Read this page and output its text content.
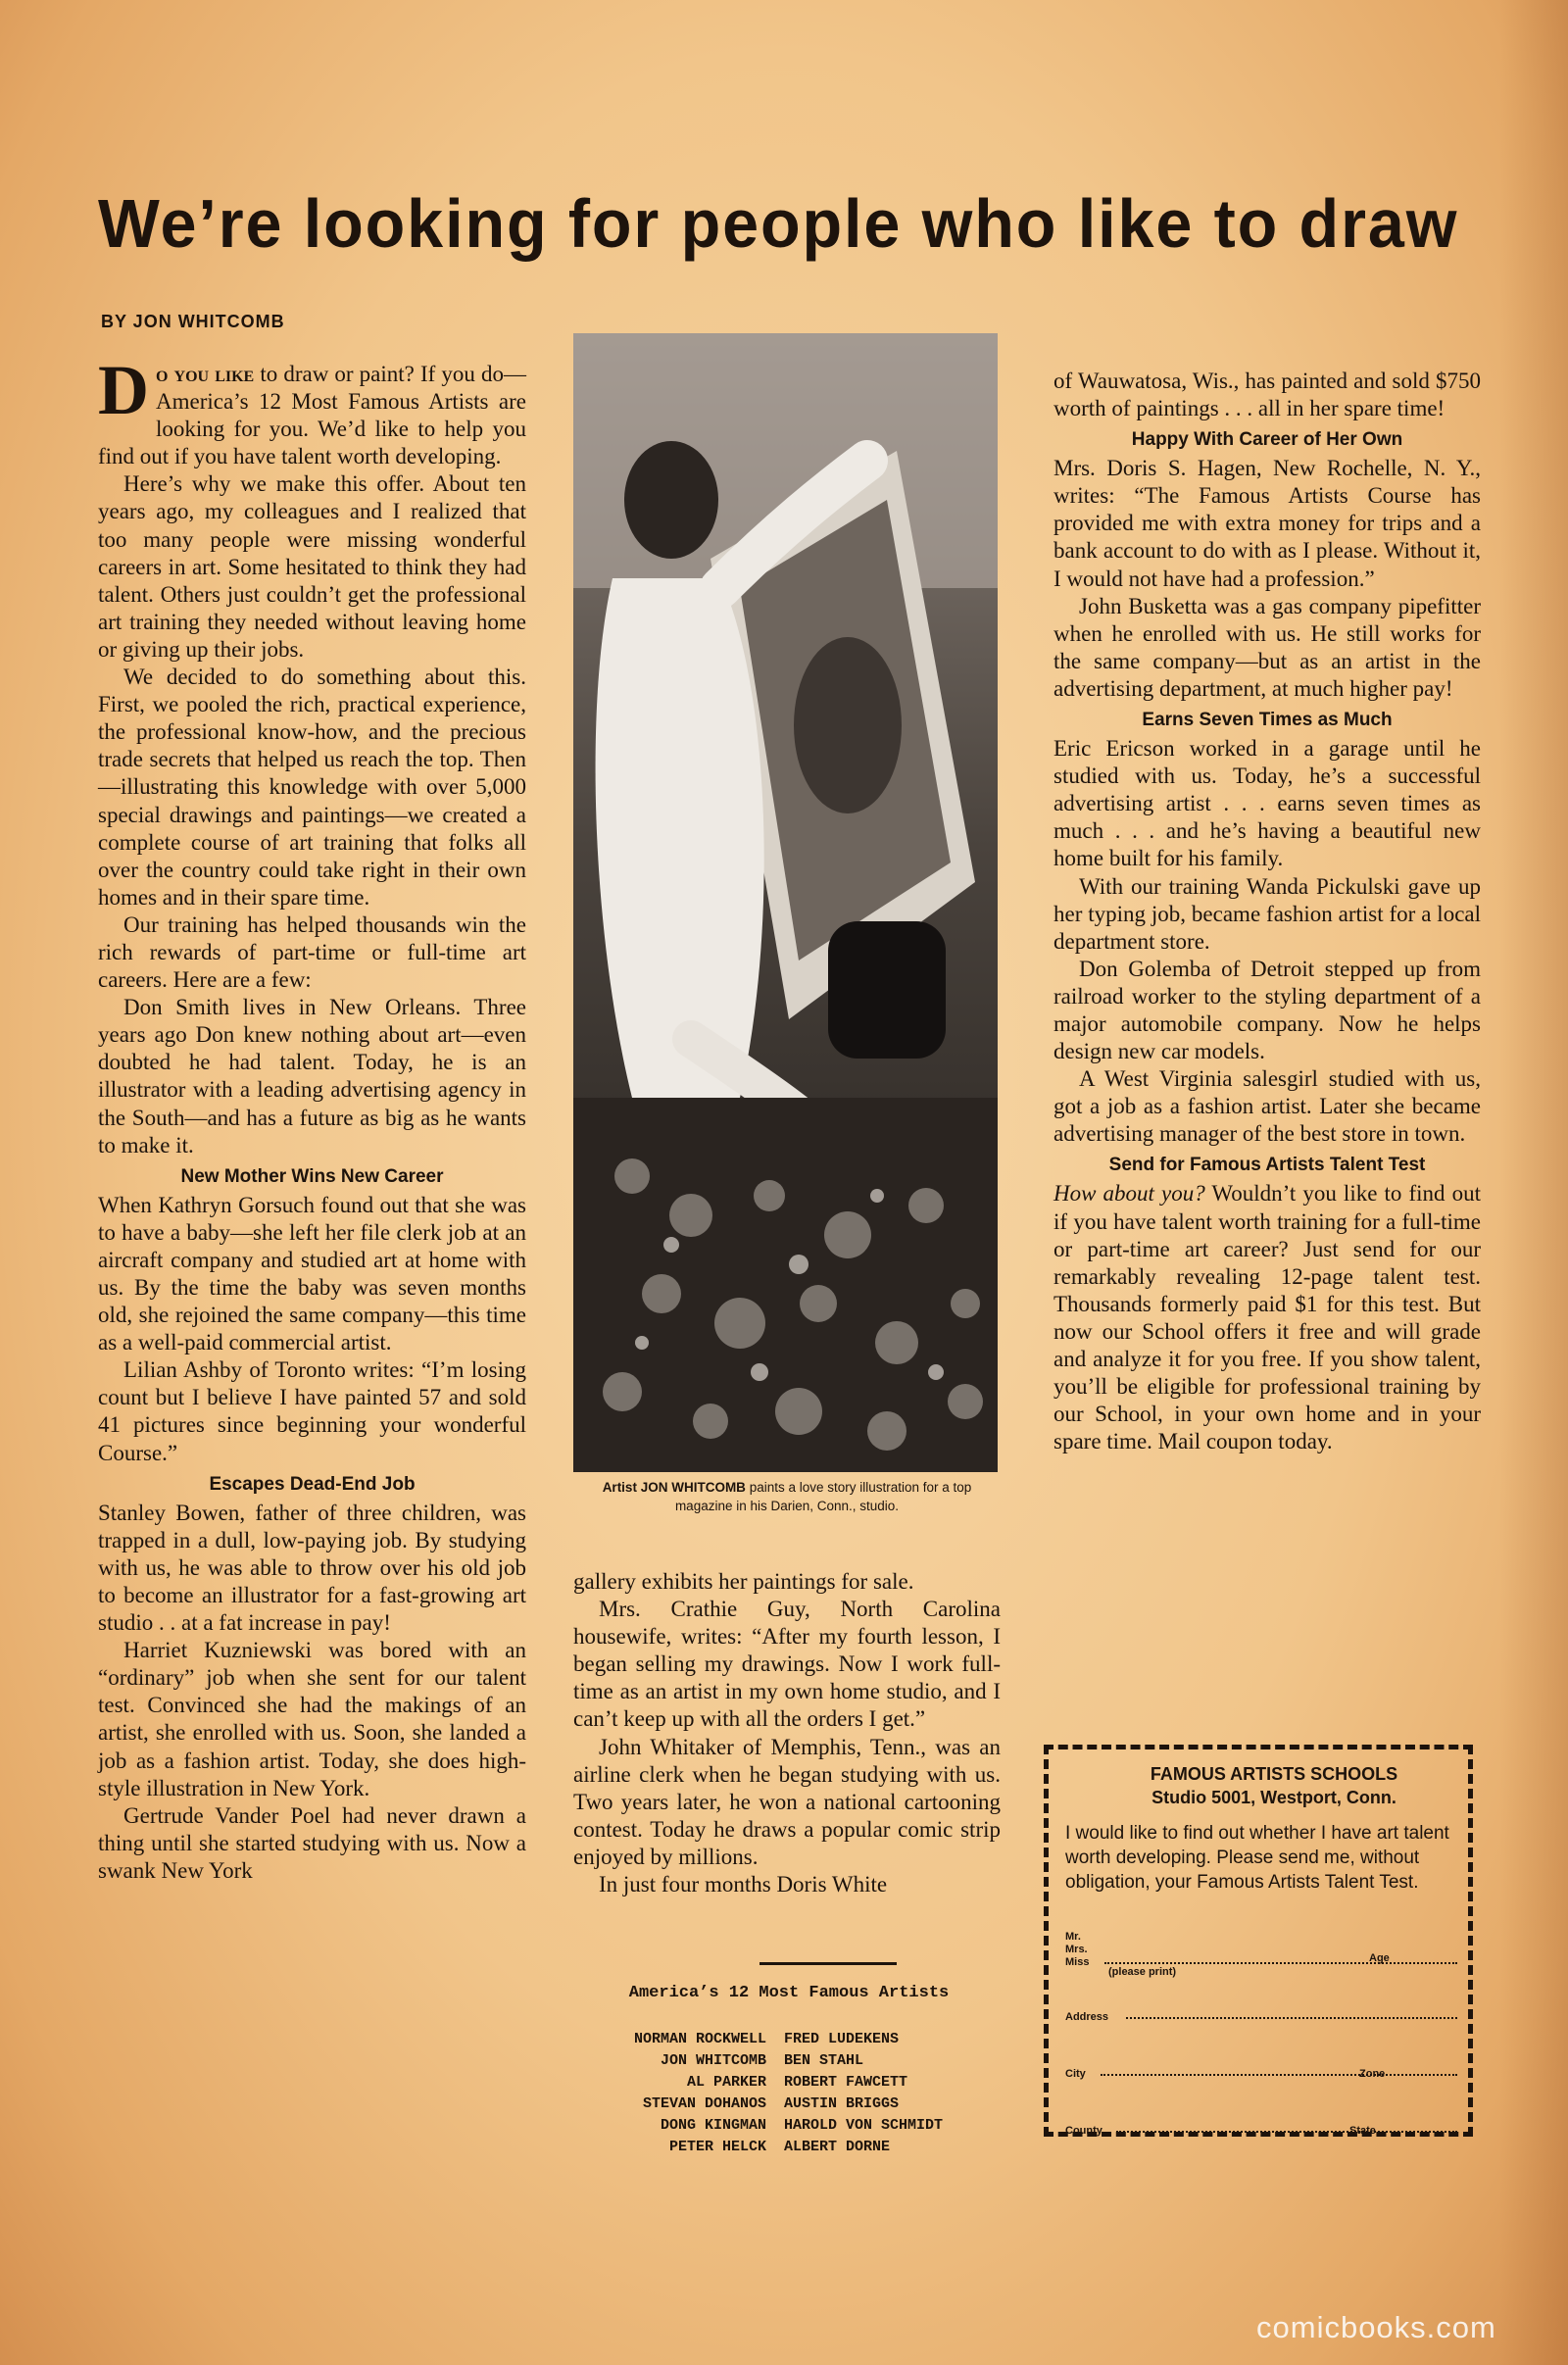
We’re looking for people who like to draw
BY JON WHITCOMB

Do you like to draw or paint? If you do—America’s 12 Most Famous Artists are looking for you. We’d like to help you find out if you have talent worth developing.

Here’s why we make this offer. About ten years ago, my colleagues and I realized that too many people were missing wonderful careers in art. Some hesitated to think they had talent. Others just couldn’t get the professional art training they needed without leaving home or giving up their jobs.

We decided to do something about this. First, we pooled the rich, practical experience, the professional know-how, and the precious trade secrets that helped us reach the top. Then—illustrating this knowledge with over 5,000 special drawings and paintings—we created a complete course of art training that folks all over the country could take right in their own homes and in their spare time.

Our training has helped thousands win the rich rewards of part-time or full-time art careers. Here are a few:

Don Smith lives in New Orleans. Three years ago Don knew nothing about art—even doubted he had talent. Today, he is an illustrator with a leading advertising agency in the South—and has a future as big as he wants to make it.

New Mother Wins New Career

When Kathryn Gorsuch found out that she was to have a baby—she left her file clerk job at an aircraft company and studied art at home with us. By the time the baby was seven months old, she rejoined the same company—this time as a well-paid commercial artist.

Lilian Ashby of Toronto writes: “I’m losing count but I believe I have painted 57 and sold 41 pictures since beginning your wonderful Course.”

Escapes Dead-End Job

Stanley Bowen, father of three children, was trapped in a dull, low-paying job. By studying with us, he was able to throw over his old job to become an illustrator for a fast-growing art studio . . at a fat increase in pay!

Harriet Kuzniewski was bored with an “ordinary” job when she sent for our talent test. Convinced she had the makings of an artist, she enrolled with us. Soon, she landed a job as a fashion artist. Today, she does high-style illustration in New York.

Gertrude Vander Poel had never drawn a thing until she started studying with us. Now a swank New York

Artist JON WHITCOMB paints a love story illustration for a top magazine in his Darien, Conn., studio.

gallery exhibits her paintings for sale.

Mrs. Crathie Guy, North Carolina housewife, writes: “After my fourth lesson, I began selling my drawings. Now I work full-time as an artist in my own home studio, and I can’t keep up with all the orders I get.”

John Whitaker of Memphis, Tenn., was an airline clerk when he began studying with us. Two years later, he won a national cartooning contest. Today he draws a popular comic strip enjoyed by millions.

In just four months Doris White

America’s 12 Most Famous Artists
NORMAN ROCKWELL
JON WHITCOMB
AL PARKER
STEVAN DOHANOS
DONG KINGMAN
PETER HELCK
FRED LUDEKENS
BEN STAHL
ROBERT FAWCETT
AUSTIN BRIGGS
HAROLD VON SCHMIDT
ALBERT DORNE

of Wauwatosa, Wis., has painted and sold $750 worth of paintings . . . all in her spare time!

Happy With Career of Her Own

Mrs. Doris S. Hagen, New Rochelle, N. Y., writes: “The Famous Artists Course has provided me with extra money for trips and a bank account to do with as I please. Without it, I would not have had a profession.”

John Busketta was a gas company pipefitter when he enrolled with us. He still works for the same company—but as an artist in the advertising department, at much higher pay!

Earns Seven Times as Much

Eric Ericson worked in a garage until he studied with us. Today, he’s a successful advertising artist . . . earns seven times as much . . . and he’s having a beautiful new home built for his family.

With our training Wanda Pickulski gave up her typing job, became fashion artist for a local department store.

Don Golemba of Detroit stepped up from railroad worker to the styling department of a major automobile company. Now he helps design new car models.

A West Virginia salesgirl studied with us, got a job as a fashion artist. Later she became advertising manager of the best store in town.

Send for Famous Artists Talent Test

How about you? Wouldn’t you like to find out if you have talent worth training for a full-time or part-time art career? Just send for our remarkably revealing 12-page talent test. Thousands formerly paid $1 for this test. But now our School offers it free and will grade and analyze it for you free. If you show talent, you’ll be eligible for professional training by our School, in your own home and in your spare time. Mail coupon today.

FAMOUS ARTISTS SCHOOLS
Studio 5001, Westport, Conn.
I would like to find out whether I have art talent worth developing. Please send me, without obligation, your Famous Artists Talent Test.
Mr.
Mrs.
Miss
(please print)
Age
Address
City	Zone
County	State
comicbooks.com
